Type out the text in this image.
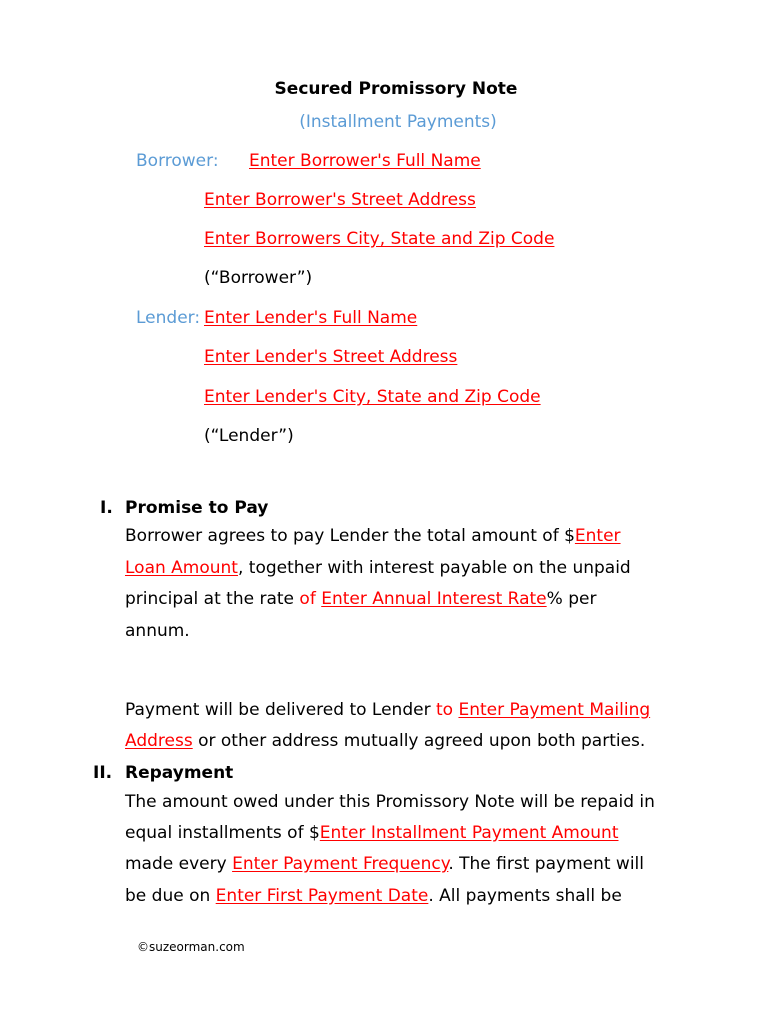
Secured Promissory Note
(Installment Payments)
Borrower: Enter Borrower's Full Name
Enter Borrower's Street Address
Enter Borrowers City, State and Zip Code
(“Borrower”)
Lender: Enter Lender's Full Name
Enter Lender's Street Address
Enter Lender's City, State and Zip Code
(“Lender”)
I. Promise to Pay
Borrower agrees to pay Lender the total amount of $Enter
Loan Amount, together with interest payable on the unpaid
principal at the rate of Enter Annual Interest Rate% per
annum.
Payment will be delivered to Lender to Enter Payment Mailing
Address or other address mutually agreed upon both parties.
II. Repayment
The amount owed under this Promissory Note will be repaid in
equal installments of $Enter Installment Payment Amount
made every Enter Payment Frequency. The first payment will
be due on Enter First Payment Date. All payments shall be
©suzeorman.com
